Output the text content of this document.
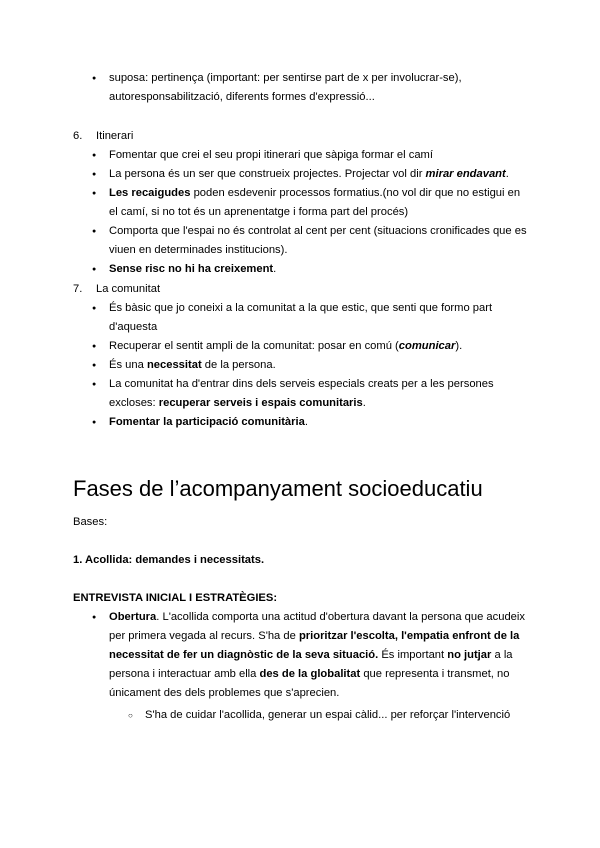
● suposa: pertinença (important: per sentirse part de x per involucrar-se), autoresponsabilització, diferents formes d'expressió...
6. Itinerari
● Fomentar que crei el seu propi itinerari que sàpiga formar el camí
● La persona és un ser que construeix projectes. Projectar vol dir mirar endavant.
● Les recaigudes poden esdevenir processos formatius.(no vol dir que no estigui en el camí, si no tot és un aprenentatge i forma part del procés)
● Comporta que l'espai no és controlat al cent per cent (situacions cronificades que es viuen en determinades institucions).
● Sense risc no hi ha creixement.
7. La comunitat
● És bàsic que jo coneixi a la comunitat a la que estic, que senti que formo part d'aquesta
● Recuperar el sentit ampli de la comunitat: posar en comú (comunicar).
● És una necessitat de la persona.
● La comunitat ha d'entrar dins dels serveis especials creats per a les persones excloses: recuperar serveis i espais comunitaris.
● Fomentar la participació comunitària.
Fases de l’acompanyament socioeducatiu
Bases:
1. Acollida: demandes i necessitats.
ENTREVISTA INICIAL I ESTRATÈGIES:
● Obertura. L'acollida comporta una actitud d'obertura davant la persona que acudeix per primera vegada al recurs. S'ha de prioritzar l'escolta, l'empatia enfront de la necessitat de fer un diagnòstic de la seva situació. És important no jutjar a la persona i interactuar amb ella des de la globalitat que representa i transmet, no únicament des dels problemes que s'aprecien.
○ S'ha de cuidar l'acollida, generar un espai càlid... per reforçar l'intervenció
